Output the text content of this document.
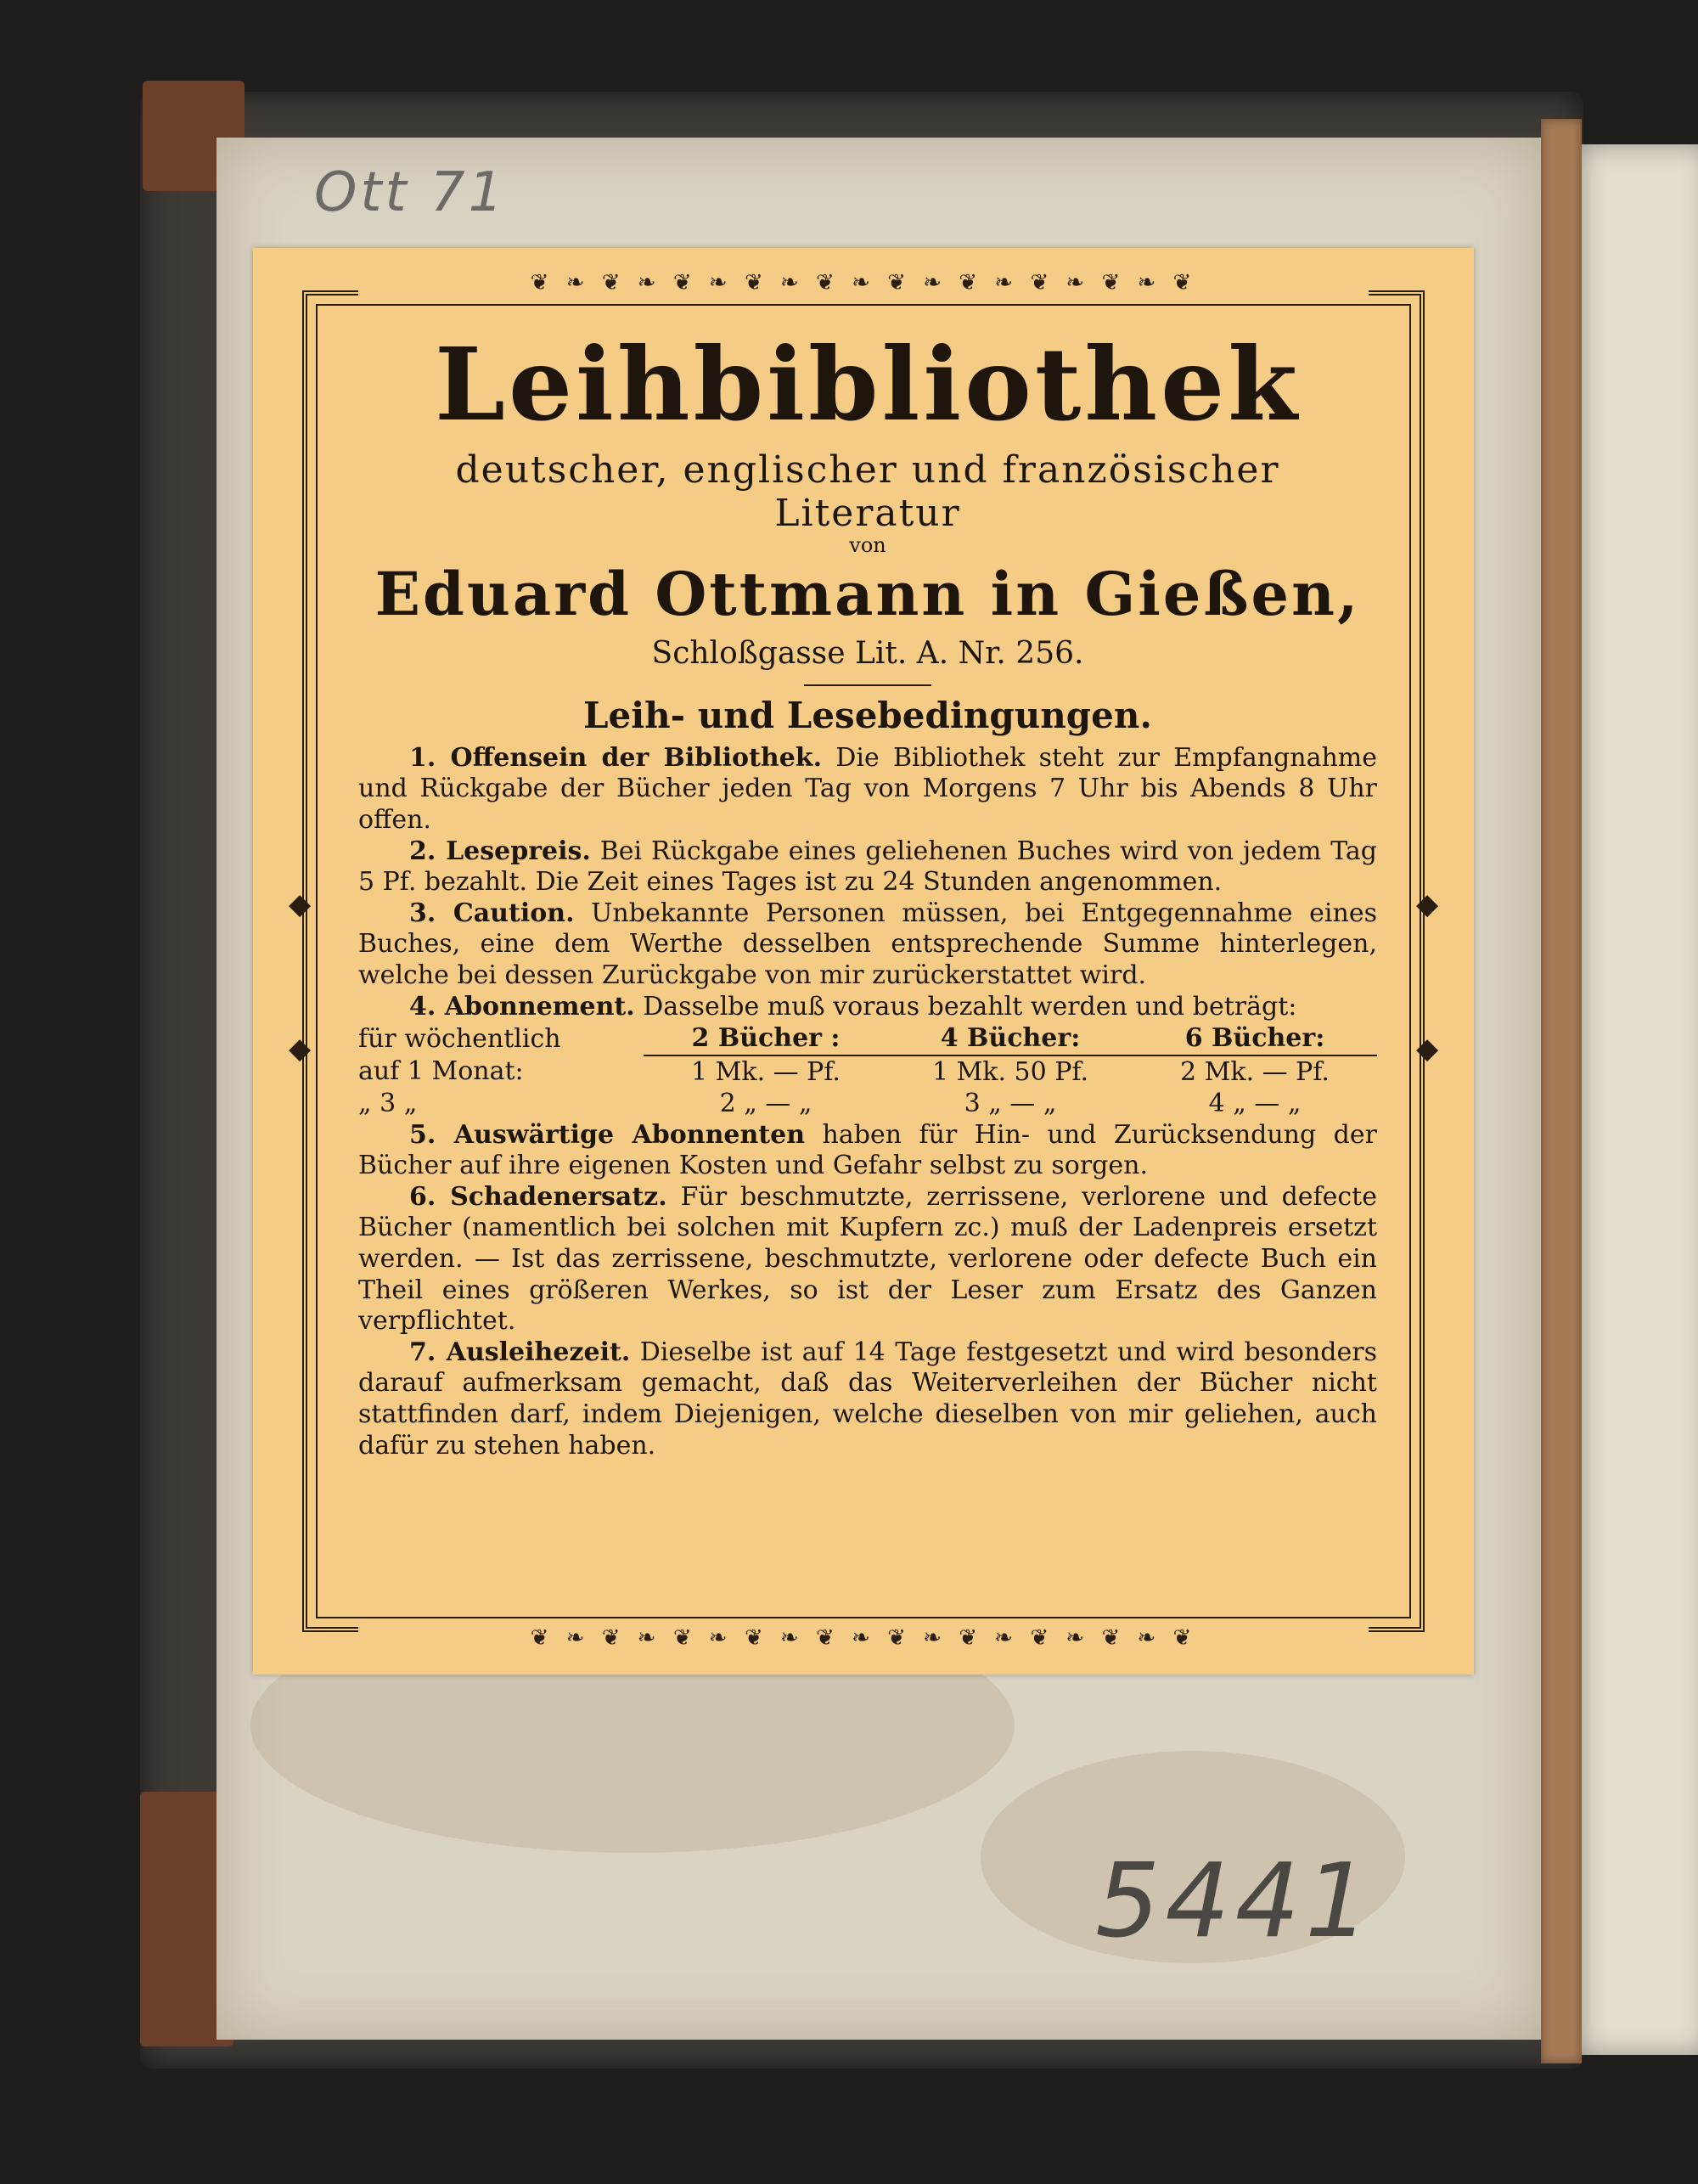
Ott 71
❦ ❧ ❦ ❧ ❦ ❧ ❦ ❧ ❦ ❧ ❦ ❧ ❦ ❧ ❦ ❧ ❦ ❧ ❦
❦ ❧ ❦ ❧ ❦ ❧ ❦ ❧ ❦ ❧ ❦ ❧ ❦ ❧ ❦ ❧ ❦ ❧ ❦
◆
◆
◆
◆
Leihbibliothek

deutscher, englischer und französischer Literatur

von

Eduard Ottmann in Gießen,

Schloßgasse Lit. A. Nr. 256.

Leih- und Lesebedingungen.

1. Offensein der Bibliothek. Die Bibliothek steht zur Empfangnahme und Rückgabe der Bücher jeden Tag von Morgens 7 Uhr bis Abends 8 Uhr offen.

2. Lesepreis. Bei Rückgabe eines geliehenen Buches wird von jedem Tag 5 Pf. bezahlt. Die Zeit eines Tages ist zu 24 Stunden angenommen.

3. Caution. Unbekannte Personen müssen, bei Entgegennahme eines Buches, eine dem Werthe desselben entsprechende Summe hinterlegen, welche bei dessen Zurückgabe von mir zurückerstattet wird.

4. Abonnement. Dasselbe muß voraus bezahlt werden und beträgt:

für wöchentlich	2 Bücher :	4 Bücher:	6 Bücher:
auf 1 Monat:	1 Mk. — Pf.	1 Mk. 50 Pf.	2 Mk. — Pf.
„ 3 „	2 „ — „	3 „ — „	4 „ — „

5. Auswärtige Abonnenten haben für Hin- und Zurücksendung der Bücher auf ihre eigenen Kosten und Gefahr selbst zu sorgen.

6. Schadenersatz. Für beschmutzte, zerrissene, verlorene und defecte Bücher (namentlich bei solchen mit Kupfern zc.) muß der Ladenpreis ersetzt werden. — Ist das zerrissene, beschmutzte, verlorene oder defecte Buch ein Theil eines größeren Werkes, so ist der Leser zum Ersatz des Ganzen verpflichtet.

7. Ausleihezeit. Dieselbe ist auf 14 Tage festgesetzt und wird besonders darauf aufmerksam gemacht, daß das Weiterverleihen der Bücher nicht stattfinden darf, indem Diejenigen, welche dieselben von mir geliehen, auch dafür zu stehen haben.

5441
